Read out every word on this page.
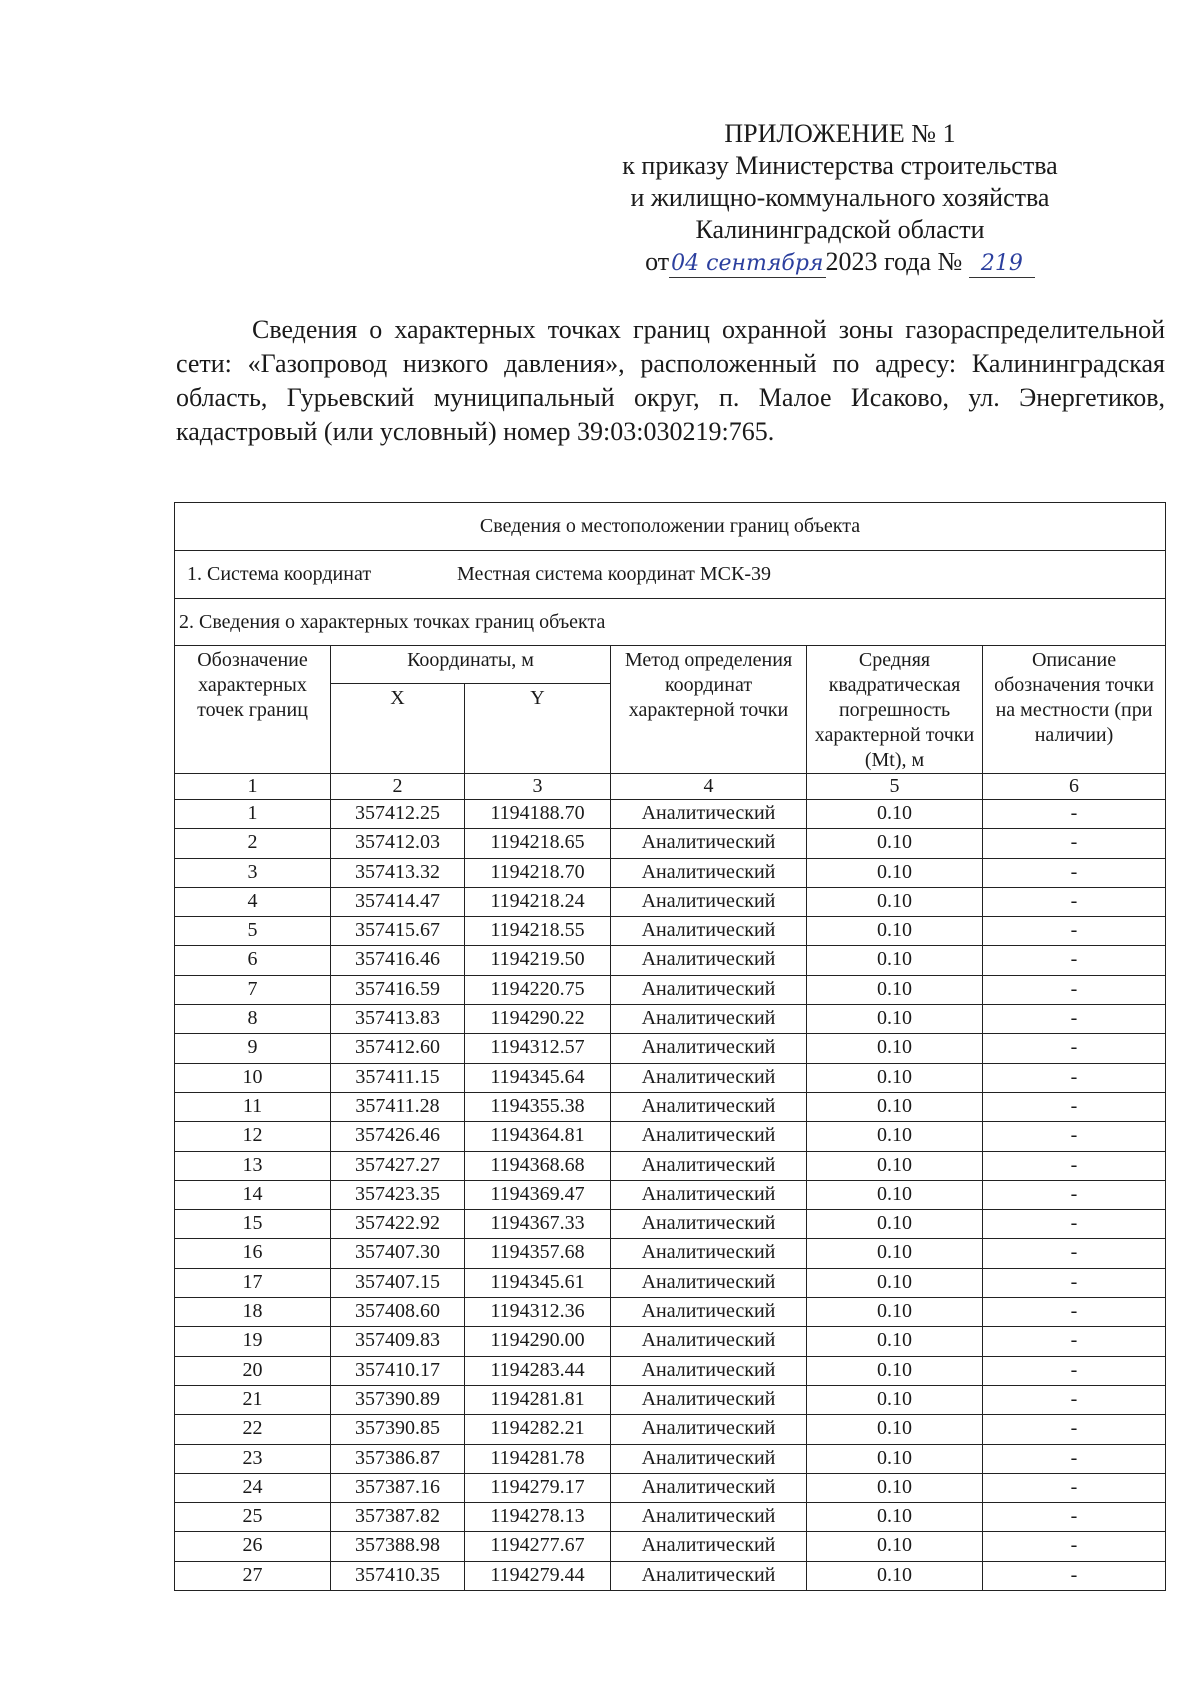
ПРИЛОЖЕНИЕ № 1
к приказу Министерства строительства
и жилищно-коммунального хозяйства
Калининградской области
от04 сентября2023 года № 219

Сведения о характерных точках границ охранной зоны газораспределительной сети: «Газопровод низкого давления», расположенный по адресу: Калининградская область, Гурьевский муниципальный округ, п. Малое Исаково, ул. Энергетиков, кадастровый (или условный) номер 39:03:030219:765.

Сведения о местоположении границ объекта					
1. Система координат Местная система координат МСК-39					
2. Сведения о характерных точках границ объекта					
Обозначение характерных точек границ	Координаты, м		Метод определения координат характерной точки	Средняя квадратическая погрешность характерной точки (Mt), м	Описание обозначения точки на местности (при наличии)
	X	Y			
1	2	3	4	5	6
1	357412.25	1194188.70	Аналитический	0.10	-
2	357412.03	1194218.65	Аналитический	0.10	-
3	357413.32	1194218.70	Аналитический	0.10	-
4	357414.47	1194218.24	Аналитический	0.10	-
5	357415.67	1194218.55	Аналитический	0.10	-
6	357416.46	1194219.50	Аналитический	0.10	-
7	357416.59	1194220.75	Аналитический	0.10	-
8	357413.83	1194290.22	Аналитический	0.10	-
9	357412.60	1194312.57	Аналитический	0.10	-
10	357411.15	1194345.64	Аналитический	0.10	-
11	357411.28	1194355.38	Аналитический	0.10	-
12	357426.46	1194364.81	Аналитический	0.10	-
13	357427.27	1194368.68	Аналитический	0.10	-
14	357423.35	1194369.47	Аналитический	0.10	-
15	357422.92	1194367.33	Аналитический	0.10	-
16	357407.30	1194357.68	Аналитический	0.10	-
17	357407.15	1194345.61	Аналитический	0.10	-
18	357408.60	1194312.36	Аналитический	0.10	-
19	357409.83	1194290.00	Аналитический	0.10	-
20	357410.17	1194283.44	Аналитический	0.10	-
21	357390.89	1194281.81	Аналитический	0.10	-
22	357390.85	1194282.21	Аналитический	0.10	-
23	357386.87	1194281.78	Аналитический	0.10	-
24	357387.16	1194279.17	Аналитический	0.10	-
25	357387.82	1194278.13	Аналитический	0.10	-
26	357388.98	1194277.67	Аналитический	0.10	-
27	357410.35	1194279.44	Аналитический	0.10	-
